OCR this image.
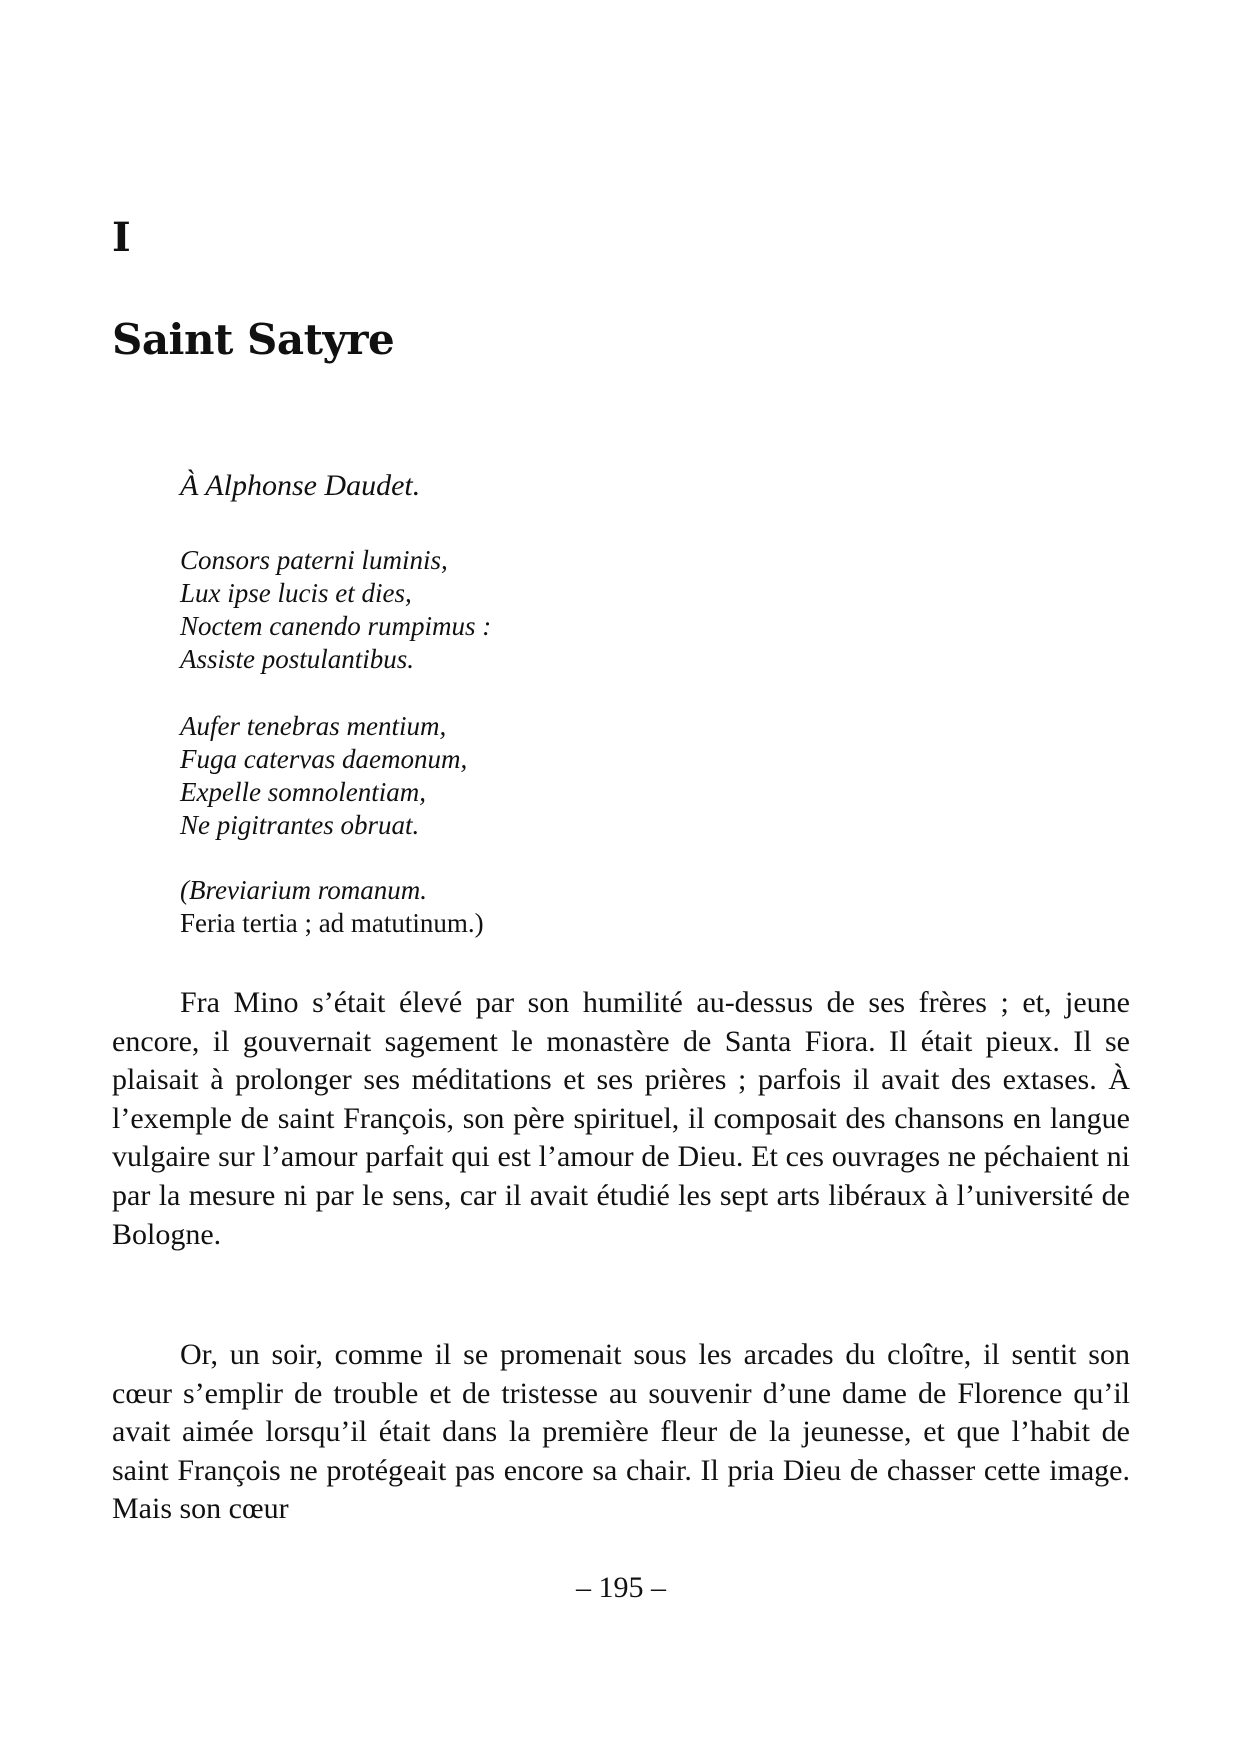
I
Saint Satyre

À Alphonse Daudet.

Consors paterni luminis,
Lux ipse lucis et dies,
Noctem canendo rumpimus :
Assiste postulantibus.
Aufer tenebras mentium,
Fuga catervas daemonum,
Expelle somnolentiam,
Ne pigitrantes obruat.
(Breviarium romanum.
Feria tertia ; ad matutinum.)

Fra Mino s’était élevé par son humilité au-dessus de ses frères ; et, jeune encore, il gouvernait sagement le monastère de Santa Fiora. Il était pieux. Il se plaisait à prolonger ses méditations et ses prières ; parfois il avait des extases. À l’exemple de saint François, son père spirituel, il composait des chansons en langue vulgaire sur l’amour parfait qui est l’amour de Dieu. Et ces ouvrages ne péchaient ni par la mesure ni par le sens, car il avait étudié les sept arts libéraux à l’université de Bologne.

Or, un soir, comme il se promenait sous les arcades du cloître, il sentit son cœur s’emplir de trouble et de tristesse au souvenir d’une dame de Florence qu’il avait aimée lorsqu’il était dans la première fleur de la jeunesse, et que l’habit de saint François ne protégeait pas encore sa chair. Il pria Dieu de chasser cette image. Mais son cœur

– 195 –
